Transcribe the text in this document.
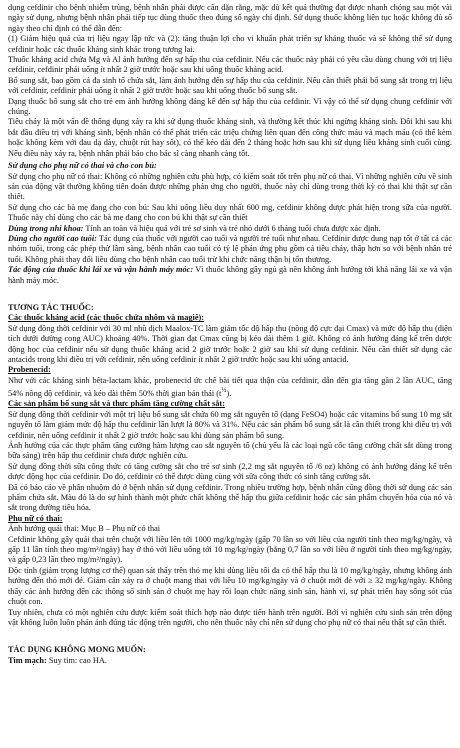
dụng cefdinir cho bệnh nhiễm trùng, bệnh nhân phải được cẩn dặn rằng, mặc dù kết quả thường đạt được nhanh chóng sau một vài ngày sử dụng, nhưng bệnh nhân phải tiếp tục dùng thuốc theo đúng số ngày chỉ định. Sử dụng thuốc không liên tục hoặc không đủ số ngày theo chỉ định có thể dẫn đến:

(1) Giảm hiệu quả của trị liệu ngay lập tức và (2): tăng thuận lợi cho vi khuẩn phát triển sự kháng thuốc và sẽ không thể sử dụng cefdinir hoặc các thuốc kháng sinh khác trong tương lai.

Thuốc kháng acid chứa Mg và Al ảnh hưởng đến sự hấp thu của cefdinir. Nếu các thuốc này phải có yêu cầu dùng chung với trị liệu cefdinir, cefdinir phải uống ít nhất 2 giờ trước hoặc sau khi uống thuốc kháng acid.

Bổ sung sắt, bao gồm cả đa sinh tố chứa sắt, làm ảnh hưởng đến sự hấp thu của cefdinir. Nếu cần thiết phải bổ sung sắt trong trị liệu với cefdinir, cefdinir phải uống ít nhất 2 giờ trước hoặc sau khi uống thuốc bổ sung sắt.

Dạng thuốc bổ sung sắt cho trẻ em ảnh hưởng không đáng kể đến sự hấp thu của cefdinir. Vì vậy có thể sử dụng chung cefdinir với chúng.

Tiêu chảy là một vấn đề thông dụng xảy ra khi sử dụng thuốc kháng sinh, và thường kết thúc khi ngừng kháng sinh. Đôi khi sau khi bắt đầu điều trị với kháng sinh, bệnh nhân có thể phát triển các triệu chứng liên quan đến công thức máu và mạch máu (có thể kèm hoặc không kèm với đau dạ dày, chuột rút hay sốt), có thể kéo dài đến 2 tháng hoặc hơn sau khi sử dụng liều kháng sinh cuối cùng. Nếu điều này xảy ra, bệnh nhân phải báo cho bác sĩ càng nhanh càng tốt.

Sử dụng cho phụ nữ có thai và cho con bú:

Sử dụng cho phụ nữ có thai: Không có những nghiên cứu phù hợp, có kiểm soát tốt trên phụ nữ có thai. Vì những nghiên cứu về sinh sản của động vật thường không tiên đoán được những phản ứng cho người, thuốc này chỉ dùng trong thời kỳ có thai khi thật sự cần thiết.

Sử dụng cho các bà mẹ đang cho con bú: Sau khi uống liều duy nhất 600 mg, cefdinir không được phát hiện trong sữa của người. Thuốc này chỉ dùng cho các bà mẹ đang cho con bú khi thật sự cần thiết

Dùng trong nhi khoa: Tính an toàn và hiệu quả với trẻ sơ sinh và trẻ nhỏ dưới 6 tháng tuổi chưa được xác định.

Dùng cho người cao tuổi: Tác dụng của thuốc với người cao tuổi và người trẻ tuổi như nhau. Cefdinir được dung nạp tốt ở tất cả các nhóm tuổi, trong các phép thử lâm sàng, bệnh nhân cao tuổi có tỷ lệ phản ứng phụ gồm cả tiêu chảy, thấp hơn so với bệnh nhân trẻ tuổi. Không phải thay đổi liều dùng cho bệnh nhân cao tuổi trừ khi chức năng thận bị tổn thương.

Tác động của thuốc khi lái xe và vận hành máy móc: Vì thuốc không gây ngủ gà nên không ảnh hưởng tới khả năng lái xe và vận hành máy móc.

TƯƠNG TÁC THUỐC:

Các thuốc kháng acid (các thuốc chứa nhôm và magiê):

Sử dụng đồng thời cefdinir với 30 ml nhũ dịch Maalox-TC làm giảm tốc độ hấp thu (nồng độ cực đại Cmax) và mức độ hấp thu (diện tích dưới đường cong AUC) khoảng 40%. Thời gian đạt Cmax cũng bị kéo dài thêm 1 giờ. Không có ảnh hưởng đáng kể trên dược động học của cefdinir nếu sử dụng thuốc kháng acid 2 giờ trước hoặc 2 giờ sau khi sử dụng cefdinir. Nếu cần thiết sử dụng các antacids trong khi điều trị với cefdinir, nên uống cefdinir ít nhất 2 giờ trước hoặc sau khi uống antacid.

Probenecid:

Như với các kháng sinh bêta-lactam khác, probenecid ức chế bài tiết qua thận của cefdinir, dẫn đến gia tăng gần 2 lần AUC, tăng 54% nồng độ cefdinir, và kéo dài thêm 50% thời gian bán thải $(t^{\frac{1}{2}})$.

Các sản phẩm bổ sung sắt và thực phẩm tăng cường chất sắt:

Sử dụng đồng thời cefdinir với một trị liệu bổ sung sắt chứa 60 mg sắt nguyên tố (dạng FeSO4) hoặc các vitamins bổ sung 10 mg sắt nguyên tố làm giảm mức độ hấp thu cefdinir lần lượt là 80% và 31%. Nếu các sản phẩm bổ sung sắt là cần thiết trong khi điều trị với cefdinir, nên uống cefdinir ít nhất 2 giờ trước hoặc sau khi dùng sản phẩm bổ sung.

Ảnh hưởng của các thực phẩm tăng cường hàm lượng cao sắt nguyên tố (chủ yếu là các loại ngũ cốc tăng cường chất sắt dùng trong bữa sáng) trên hấp thu cefdinir chưa được nghiên cứu.

Sử dụng đồng thời sữa công thức có tăng cường sắt cho trẻ sơ sinh (2,2 mg sắt nguyên tố /6 oz) không có ảnh hưởng đáng kể trên dược động học của cefdinir. Do đó, cefdinir có thể được dùng cùng với sữa công thức có sinh tăng cường sắt.

Đã có báo cáo về phân nhuộm đỏ ở bệnh nhân sử dụng cefdinir. Trong nhiều trường hợp, bệnh nhân cũng đồng thời sử dụng các sản phẩm chứa sắt. Màu đỏ là do sự hình thành một phức chất không thể hấp thu giữa cefdinir hoặc các sản phẩm chuyển hóa của nó và sắt trong đường tiêu hóa.

Phụ nữ có thai:

Ảnh hưởng quái thai: Mục B – Phụ nữ có thai

Cefdinir không gây quái thai trên chuột với liều lên tới 1000 mg/kg/ngày (gấp 70 lần so với liều của người tính theo mg/kg/ngày, và gấp 11 lần tính theo mg/m²/ngày) hay ở thỏ với liều uống tới 10 mg/kg/ngày (bằng 0,7 lần so với liều ở người tính theo mg/kg/ngày, và gấp 0,23 lần theo mg/m²/ngày).

Độc tính (giảm trọng lượng cơ thể) quan sát thấy trên thỏ mẹ khi dùng liều tối đa có thể hấp thu là 10 mg/kg/ngày, nhưng không ảnh hưởng đến thỏ mới đẻ. Giảm cân xảy ra ở chuột mang thai với liều 10 mg/kg/ngày và ở chuột mới đẻ với ≥ 32 mg/kg/ngày. Không thấy các ảnh hưởng đến các thông số sinh sản ở chuột mẹ hay rối loạn chức năng sinh sản, hành vi, sự phát triển hay sống sót của chuột con.

Tuy nhiên, chưa có một nghiên cứu được kiểm soát thích hợp nào được tiến hành trên người. Bởi vì nghiên cứu sinh sản trên động vật không luôn luôn phản ánh đúng tác động trên người, cho nên thuốc này chỉ nên sử dụng cho phụ nữ có thai nếu thật sự cần thiết.

TÁC DỤNG KHÔNG MONG MUỐN:

Tim mạch: Suy tim: cao HA.
